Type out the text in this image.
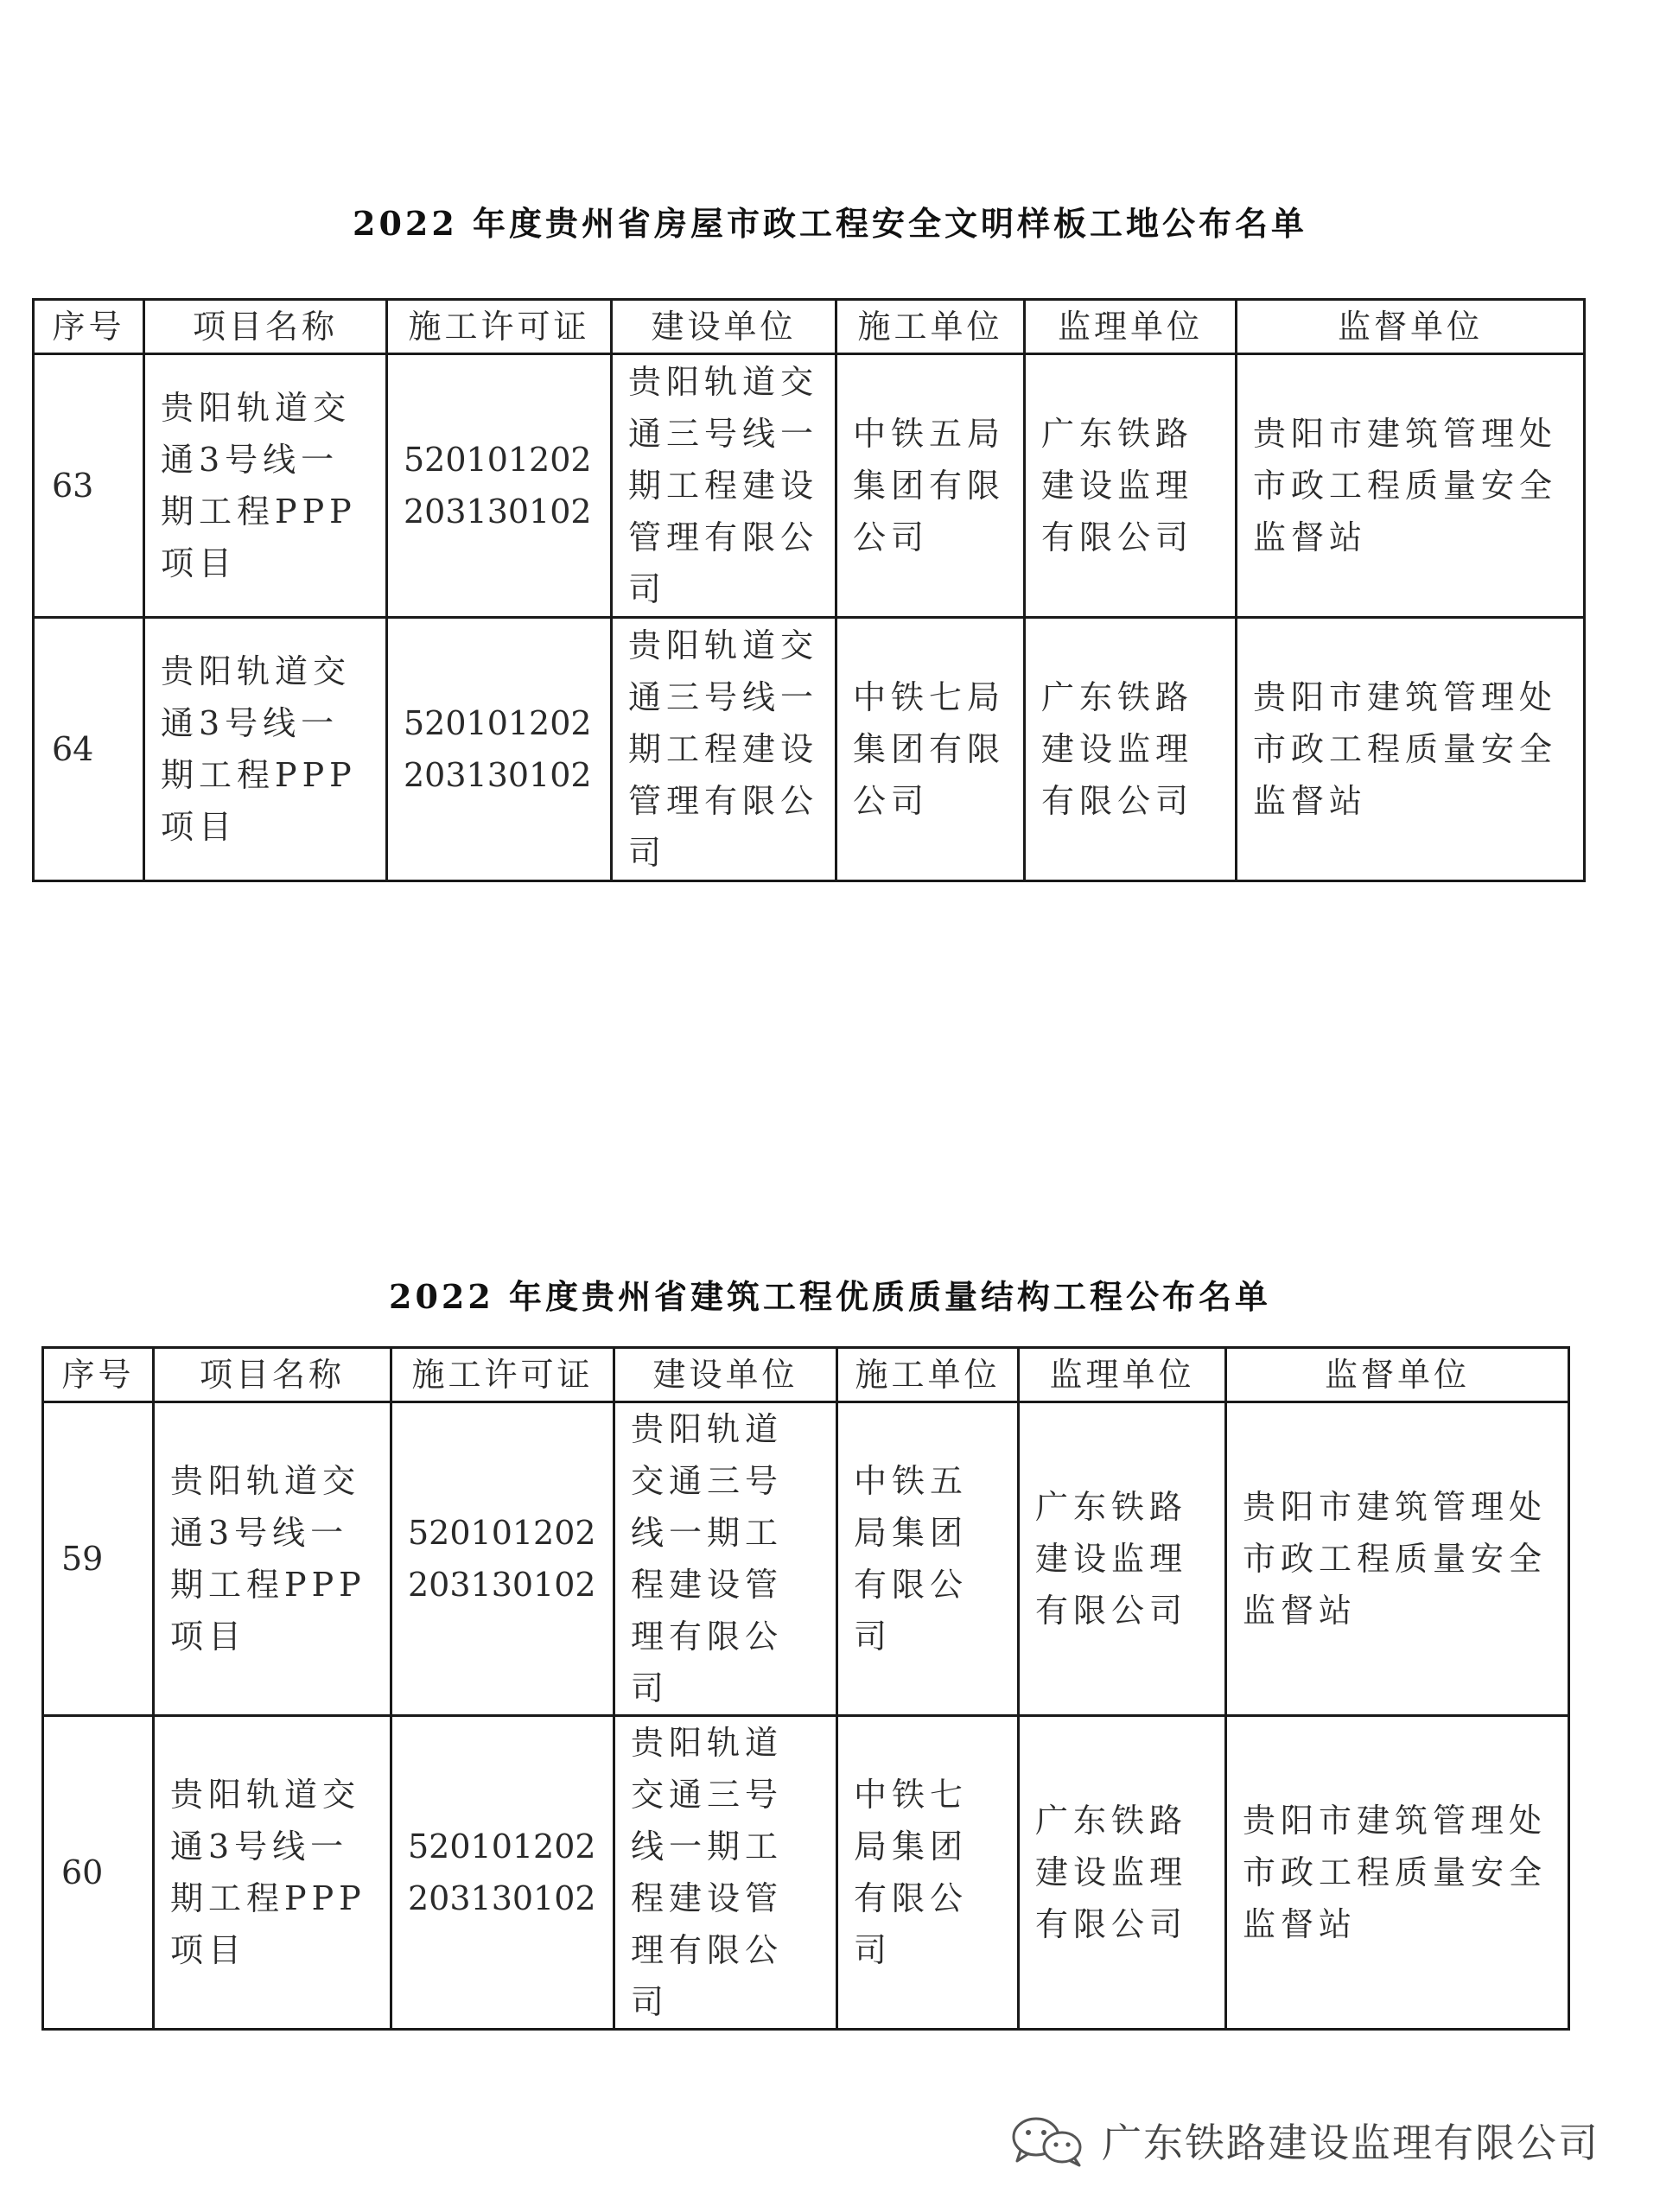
2022 年度贵州省房屋市政工程安全文明样板工地公布名单
序号	项目名称	施工许可证	建设单位	施工单位	监理单位	监督单位
63	贵阳轨道交通3号线一期工程PPP项目	520101202203130102	贵阳轨道交通三号线一期工程建设管理有限公司	中铁五局集团有限公司	广东铁路建设监理有限公司	贵阳市建筑管理处市政工程质量安全监督站
64	贵阳轨道交通3号线一期工程PPP项目	520101202203130102	贵阳轨道交通三号线一期工程建设管理有限公司	中铁七局集团有限公司	广东铁路建设监理有限公司	贵阳市建筑管理处市政工程质量安全监督站
2022 年度贵州省建筑工程优质质量结构工程公布名单
序号	项目名称	施工许可证	建设单位	施工单位	监理单位	监督单位
59	贵阳轨道交通3号线一期工程PPP项目	520101202203130102	贵阳轨道交通三号线一期工程建设管理有限公司	中铁五局集团有限公司	广东铁路建设监理有限公司	贵阳市建筑管理处市政工程质量安全监督站
60	贵阳轨道交通3号线一期工程PPP项目	520101202203130102	贵阳轨道交通三号线一期工程建设管理有限公司	中铁七局集团有限公司	广东铁路建设监理有限公司	贵阳市建筑管理处市政工程质量安全监督站
广东铁路建设监理有限公司
